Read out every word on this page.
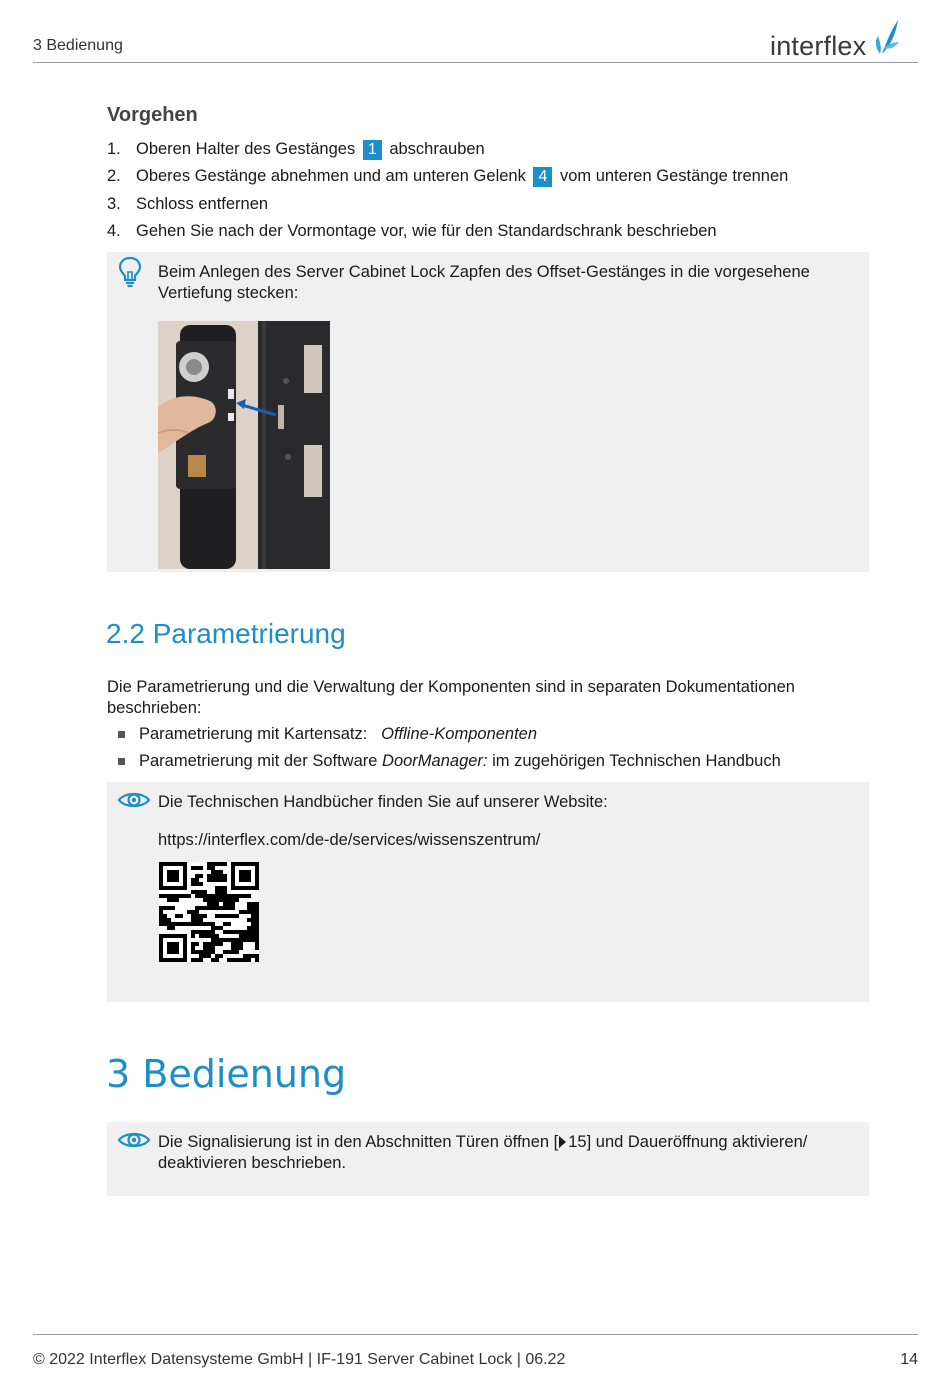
3 Bedienung	interflex
Vorgehen
1. Oberen Halter des Gestänges 1 abschrauben
2. Oberes Gestänge abnehmen und am unteren Gelenk 4 vom unteren Gestänge trennen
3. Schloss entfernen
4. Gehen Sie nach der Vormontage vor, wie für den Standardschrank beschrieben
Beim Anlegen des Server Cabinet Lock Zapfen des Offset-Gestänges in die vorgesehene Vertiefung stecken:
2.2 Parametrierung
Die Parametrierung und die Verwaltung der Komponenten sind in separaten Dokumentationen beschrieben:
Parametrierung mit Kartensatz: Offline-Komponenten
Parametrierung mit der Software DoorManager: im zugehörigen Technischen Handbuch
Die Technischen Handbücher finden Sie auf unserer Website:
https://interflex.com/de-de/services/wissenszentrum/
3 Bedienung
Die Signalisierung ist in den Abschnitten Türen öffnen [ 15] und Daueröffnung aktivieren/ deaktivieren beschrieben.
© 2022 Interflex Datensysteme GmbH | IF-191 Server Cabinet Lock | 06.22	14
